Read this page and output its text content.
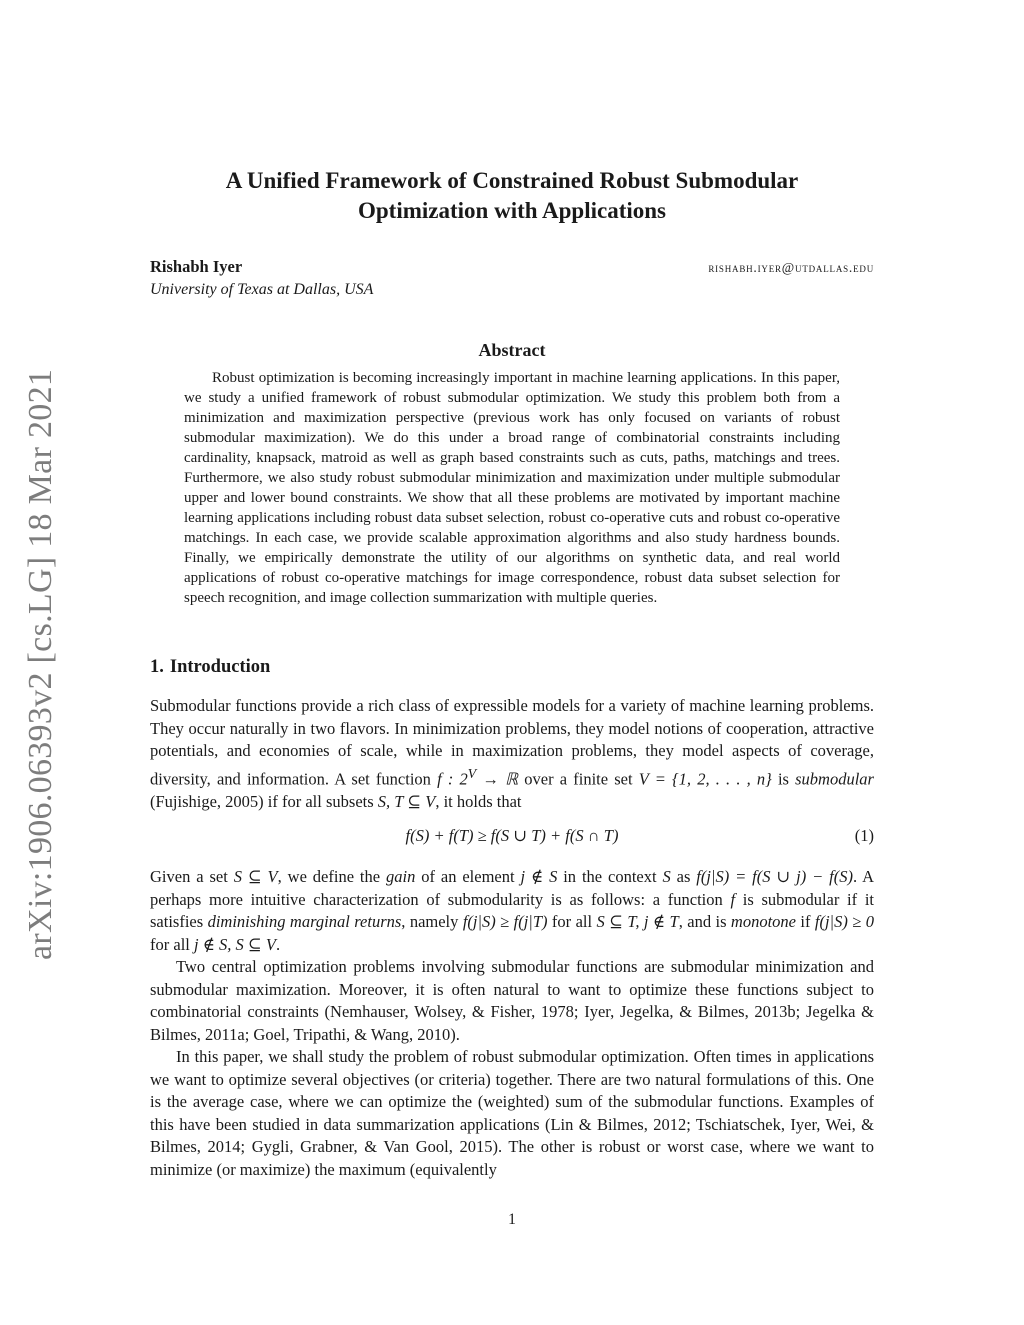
arXiv:1906.06393v2 [cs.LG] 18 Mar 2021
A Unified Framework of Constrained Robust Submodular
Optimization with Applications
Rishabh Iyer
University of Texas at Dallas, USA
rishabh.iyer@utdallas.edu
Abstract

Robust optimization is becoming increasingly important in machine learning applications. In this paper, we study a unified framework of robust submodular optimization. We study this problem both from a minimization and maximization perspective (previous work has only focused on variants of robust submodular maximization). We do this under a broad range of combinatorial constraints including cardinality, knapsack, matroid as well as graph based constraints such as cuts, paths, matchings and trees. Furthermore, we also study robust submodular minimization and maximization under multiple submodular upper and lower bound constraints. We show that all these problems are motivated by important machine learning applications including robust data subset selection, robust co-operative cuts and robust co-operative matchings. In each case, we provide scalable approximation algorithms and also study hardness bounds. Finally, we empirically demonstrate the utility of our algorithms on synthetic data, and real world applications of robust co-operative matchings for image correspondence, robust data subset selection for speech recognition, and image collection summarization with multiple queries.

1. Introduction

Submodular functions provide a rich class of expressible models for a variety of machine learning problems. They occur naturally in two flavors. In minimization problems, they model notions of cooperation, attractive potentials, and economies of scale, while in maximization problems, they model aspects of coverage, diversity, and information. A set function f : $2^V$ → ℝ over a finite set V = {1, 2, . . . , n} is submodular (Fujishige, 2005) if for all subsets S, T ⊆ V, it holds that

f(S) + f(T) ≥ f(S ∪ T) + f(S ∩ T)	(1)

Given a set S ⊆ V, we define the gain of an element j ∉ S in the context S as f(j|S) = f(S ∪ j) − f(S). A perhaps more intuitive characterization of submodularity is as follows: a function f is submodular if it satisfies diminishing marginal returns, namely f(j|S) ≥ f(j|T) for all S ⊆ T, j ∉ T, and is monotone if f(j|S) ≥ 0 for all j ∉ S, S ⊆ V.

Two central optimization problems involving submodular functions are submodular minimization and submodular maximization. Moreover, it is often natural to want to optimize these functions subject to combinatorial constraints (Nemhauser, Wolsey, & Fisher, 1978; Iyer, Jegelka, & Bilmes, 2013b; Jegelka & Bilmes, 2011a; Goel, Tripathi, & Wang, 2010).

In this paper, we shall study the problem of robust submodular optimization. Often times in applications we want to optimize several objectives (or criteria) together. There are two natural formulations of this. One is the average case, where we can optimize the (weighted) sum of the submodular functions. Examples of this have been studied in data summarization applications (Lin & Bilmes, 2012; Tschiatschek, Iyer, Wei, & Bilmes, 2014; Gygli, Grabner, & Van Gool, 2015). The other is robust or worst case, where we want to minimize (or maximize) the maximum (equivalently

1
